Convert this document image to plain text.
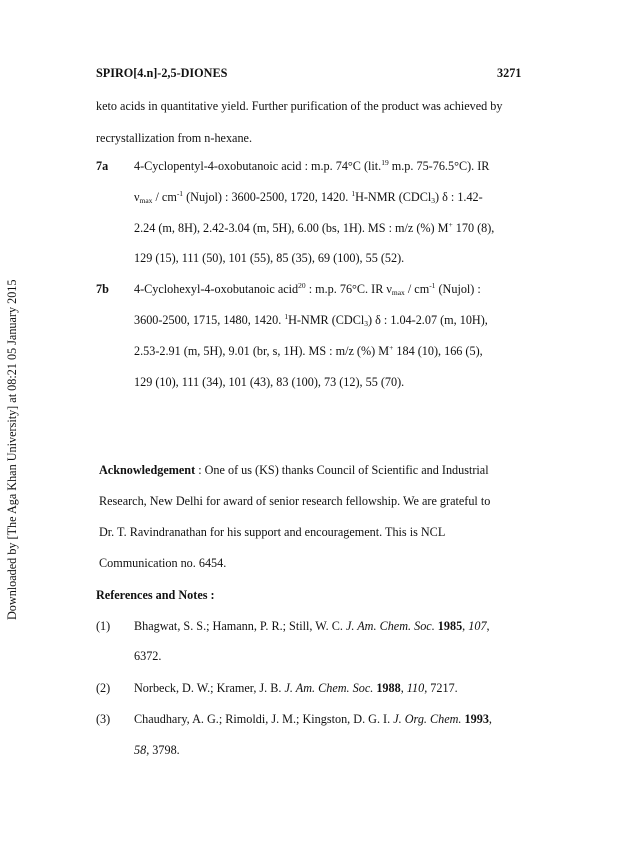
Downloaded by [The Aga Khan University] at 08:21 05 January 2015
SPIRO[4.n]-2,5-DIONES	3271
keto acids in quantitative yield. Further purification of the product was achieved by
recrystallization from n-hexane.
7a 4-Cyclopentyl-4-oxobutanoic acid : m.p. 74°C (lit.$^{19}$ m.p. 75-76.5°C). IR
$\nu_{max} / cm^{-1}$ (Nujol) : 3600-2500, 1720, 1420. $^1$H-NMR (CDCl$_3$) δ : 1.42-
2.24 (m, 8H), 2.42-3.04 (m, 5H), 6.00 (bs, 1H). MS : m/z (%) M+ 170 (8),
129 (15), 111 (50), 101 (55), 85 (35), 69 (100), 55 (52).
7b 4-Cyclohexyl-4-oxobutanoic acid$^{20}$ : m.p. 76°C. IR $\nu_{max} / cm^{-1}$ (Nujol) :
3600-2500, 1715, 1480, 1420. $^1$H-NMR (CDCl$_3$) δ : 1.04-2.07 (m, 10H),
2.53-2.91 (m, 5H), 9.01 (br, s, 1H). MS : m/z (%) M+ 184 (10), 166 (5),
129 (10), 111 (34), 101 (43), 83 (100), 73 (12), 55 (70).
Acknowledgement : One of us (KS) thanks Council of Scientific and Industrial
Research, New Delhi for award of senior research fellowship. We are grateful to
Dr. T. Ravindranathan for his support and encouragement. This is NCL
Communication no. 6454.
References and Notes :
(1) Bhagwat, S. S.; Hamann, P. R.; Still, W. C. J. Am. Chem. Soc. 1985, 107,
6372.
(2) Norbeck, D. W.; Kramer, J. B. J. Am. Chem. Soc. 1988, 110, 7217.
(3) Chaudhary, A. G.; Rimoldi, J. M.; Kingston, D. G. I. J. Org. Chem. 1993,
58, 3798.
